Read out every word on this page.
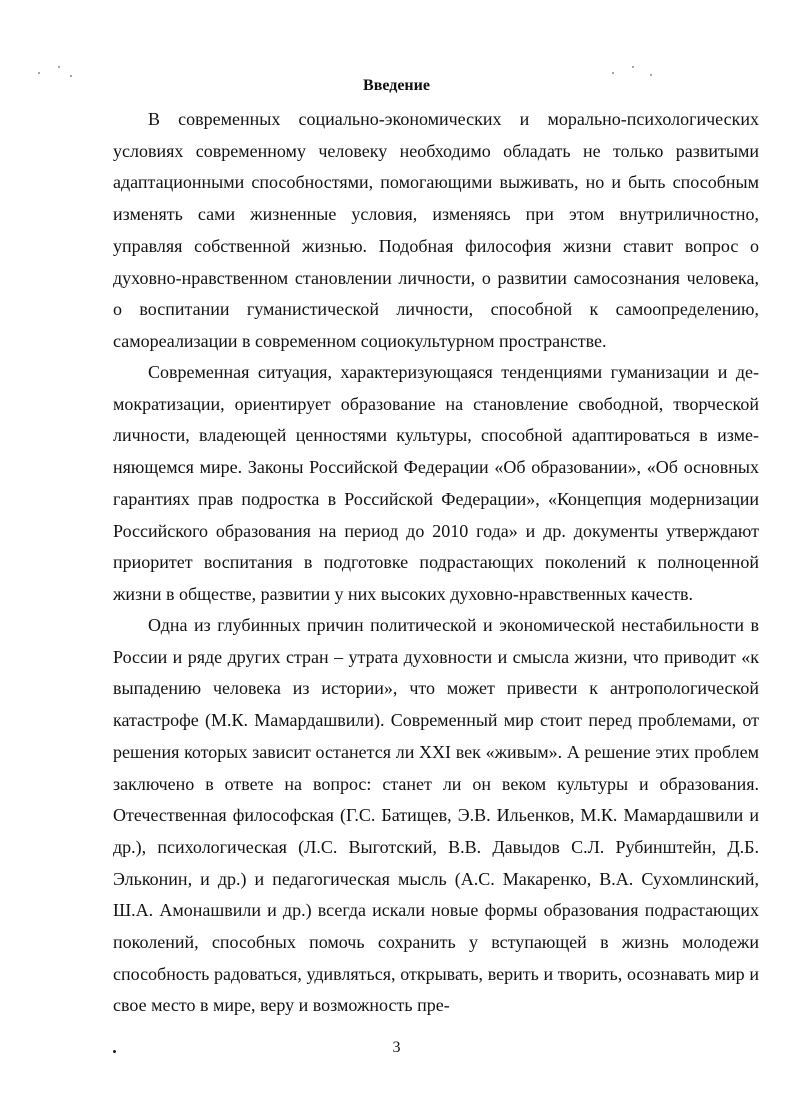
Введение

В современных социально-экономических и морально-психологических условиях современному человеку необходимо обладать не только развитыми адаптационными способностями, помогающими выживать, но и быть способным изменять сами жизненные условия, изменяясь при этом внутриличностно, управляя собственной жизнью. Подобная философия жизни ставит вопрос о духовно-нравственном становлении личности, о развитии самосознания человека, о воспитании гуманистической личности, способной к самоопределению, самореализации в современном социокультурном пространстве.

Современная ситуация, характеризующаяся тенденциями гуманизации и демократизации, ориентирует образование на становление свободной, творческой личности, владеющей ценностями культуры, способной адаптироваться в изменяющемся мире. Законы Российской Федерации «Об образовании», «Об основных гарантиях прав подростка в Российской Федерации», «Концепция модернизации Российского образования на период до 2010 года» и др. документы утверждают приоритет воспитания в подготовке подрастающих поколений к полноценной жизни в обществе, развитии у них высоких духовно-нравственных качеств.

Одна из глубинных причин политической и экономической нестабильности в России и ряде других стран – утрата духовности и смысла жизни, что приводит «к выпадению человека из истории», что может привести к антропологической катастрофе (М.К. Мамардашвили). Современный мир стоит перед проблемами, от решения которых зависит останется ли XXI век «живым». А решение этих проблем заключено в ответе на вопрос: станет ли он веком культуры и образования. Отечественная философская (Г.С. Батищев, Э.В. Ильенков, М.К. Мамардашвили и др.), психологическая (Л.С. Выготский, В.В. Давыдов С.Л. Рубинштейн, Д.Б. Эльконин, и др.) и педагогическая мысль (А.С. Макаренко, В.А. Сухомлинский, Ш.А. Амонашвили и др.) всегда искали новые формы образования подрастающих поколений, способных помочь сохранить у вступающей в жизнь молодежи способность радоваться, удивляться, открывать, верить и творить, осознавать мир и свое место в мире, веру и возможность пре-

3
